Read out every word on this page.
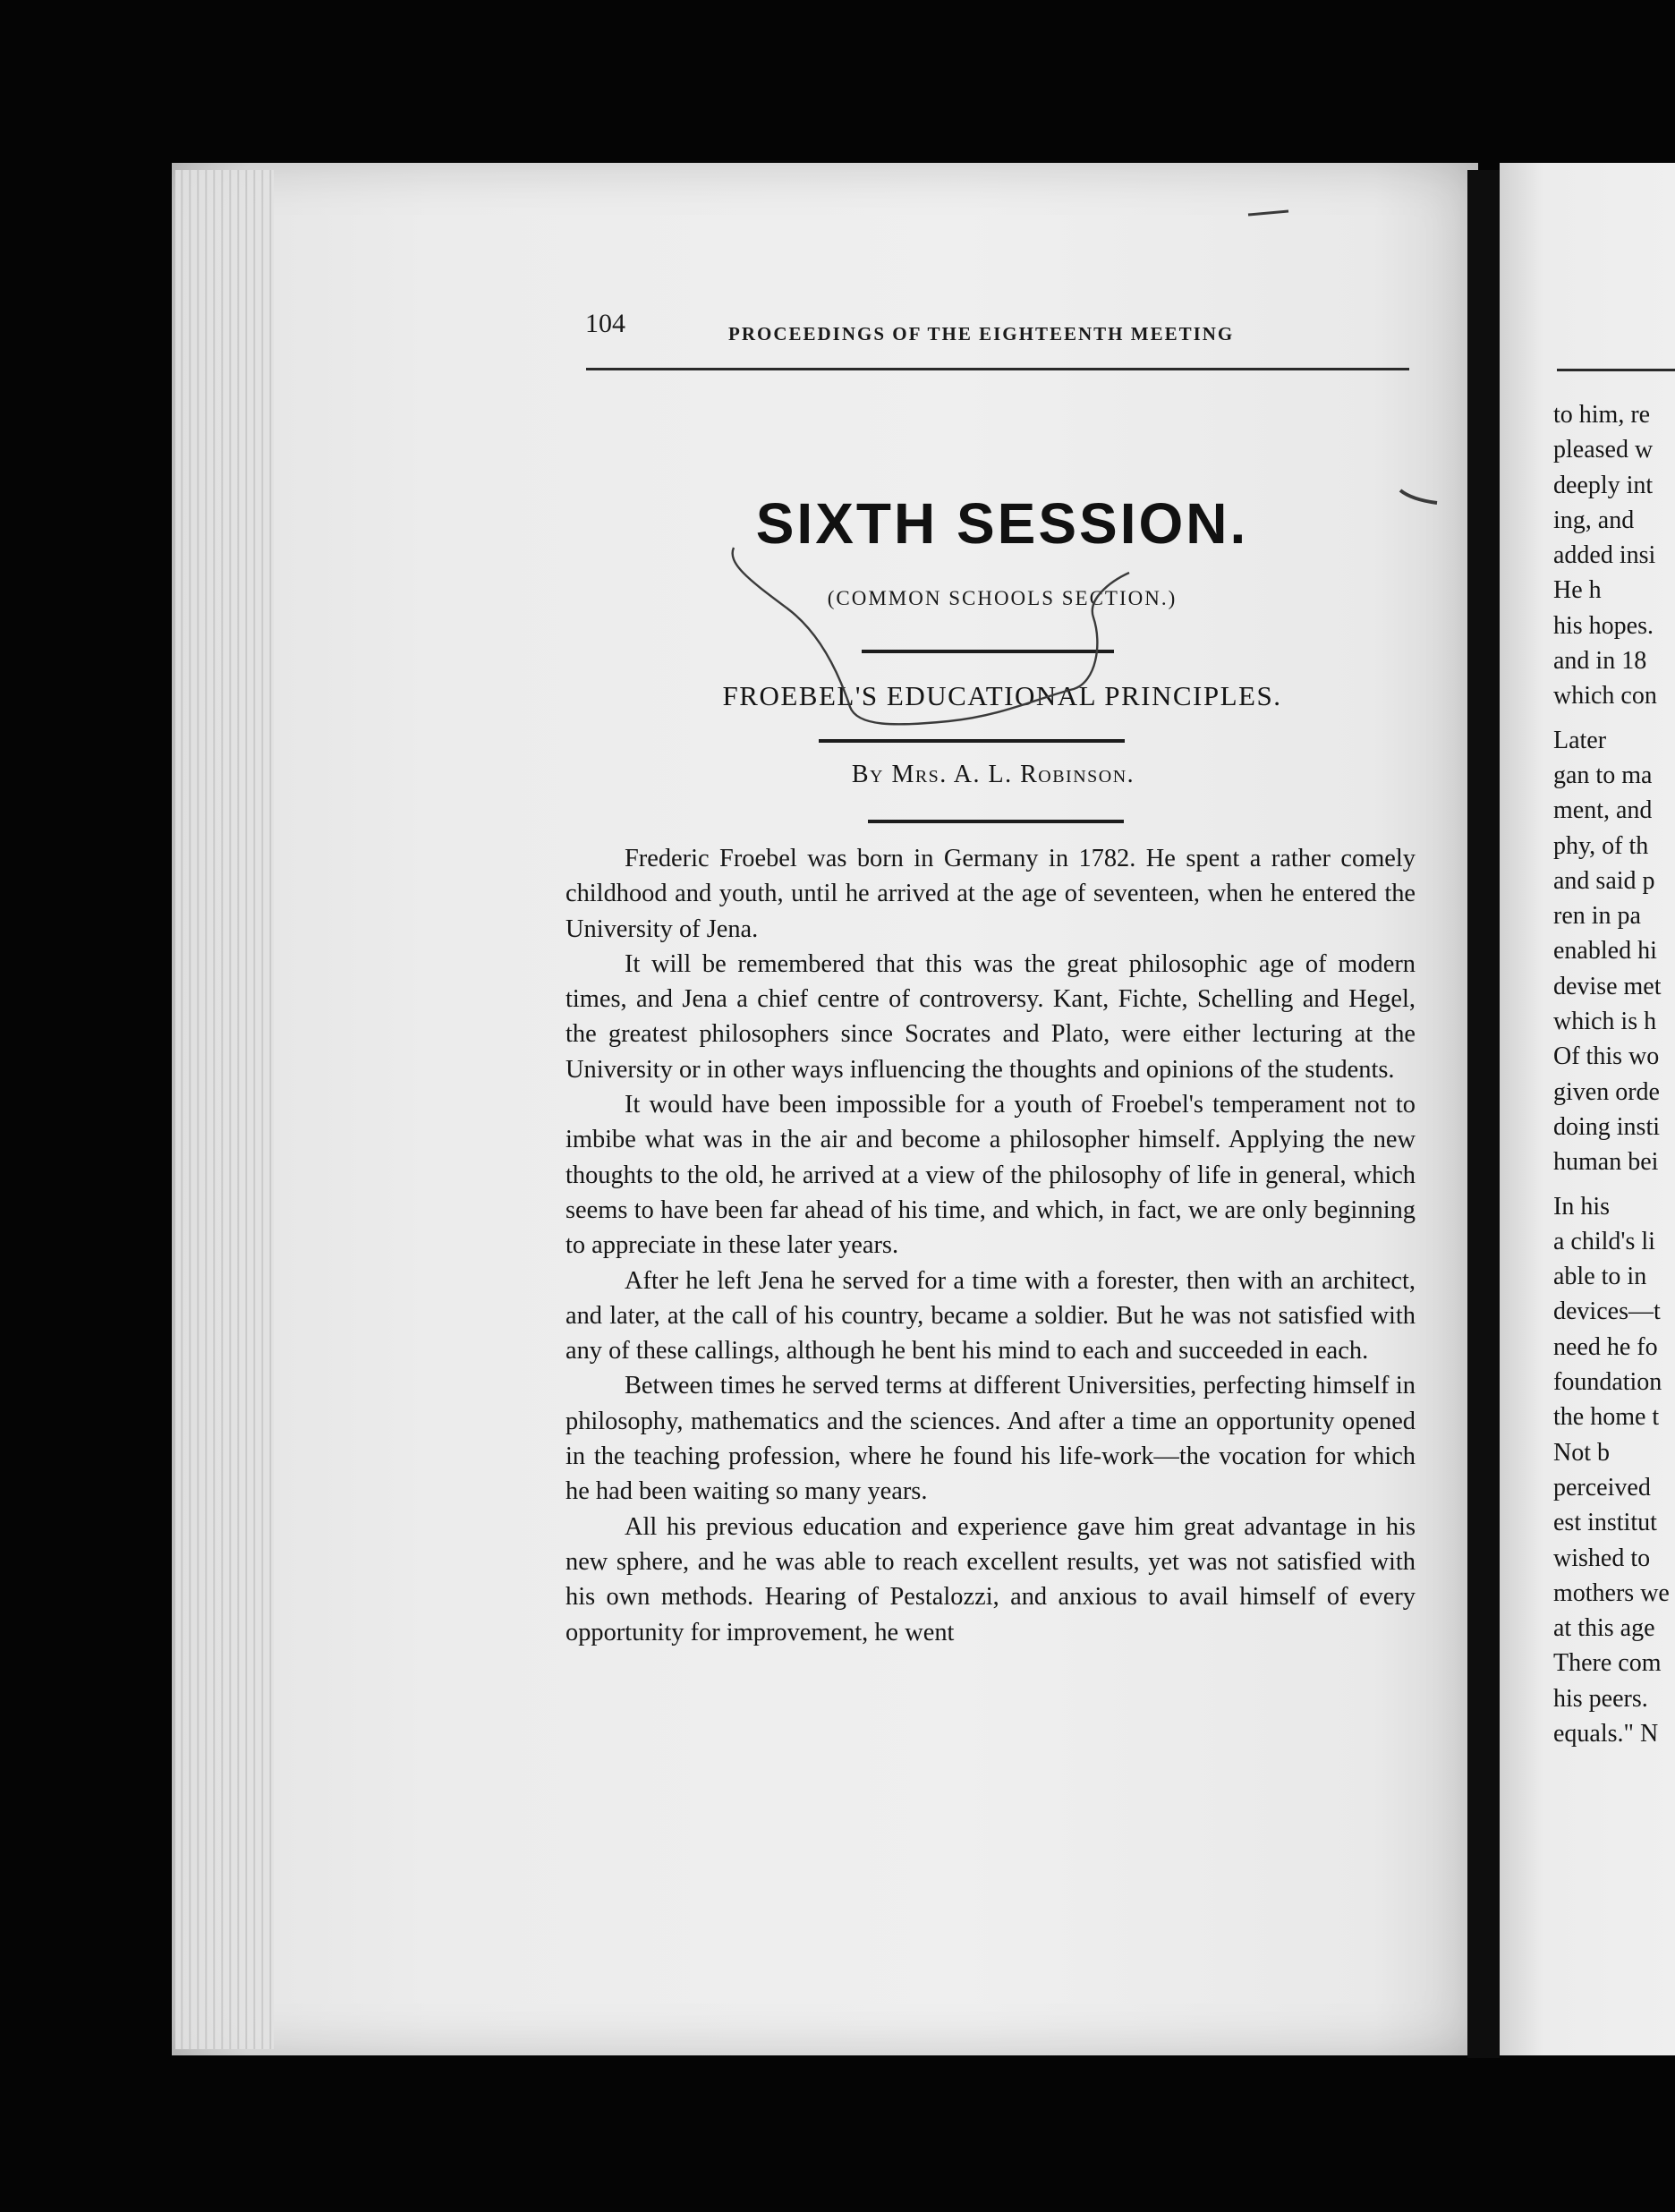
104	PROCEEDINGS OF THE EIGHTEENTH MEETING
SIXTH SESSION.
(COMMON SCHOOLS SECTION.)
FROEBEL'S EDUCATIONAL PRINCIPLES.
By Mrs. A. L. Robinson.

Frederic Froebel was born in Germany in 1782. He spent a rather comely childhood and youth, until he arrived at the age of seventeen, when he entered the University of Jena.

It will be remembered that this was the great philosophic age of modern times, and Jena a chief centre of controversy. Kant, Fichte, Schelling and Hegel, the greatest philosophers since Socrates and Plato, were either lecturing at the University or in other ways influencing the thoughts and opinions of the students.

It would have been impossible for a youth of Froebel's temperament not to imbibe what was in the air and become a philosopher himself. Applying the new thoughts to the old, he arrived at a view of the philosophy of life in general, which seems to have been far ahead of his time, and which, in fact, we are only beginning to appreciate in these later years.

After he left Jena he served for a time with a forester, then with an architect, and later, at the call of his country, became a soldier. But he was not satisfied with any of these callings, although he bent his mind to each and succeeded in each.

Between times he served terms at different Universities, perfecting himself in philosophy, mathematics and the sciences. And after a time an opportunity opened in the teaching profession, where he found his life-work—the vocation for which he had been waiting so many years.

All his previous education and experience gave him great advantage in his new sphere, and he was able to reach excellent results, yet was not satisfied with his own methods. Hearing of Pestalozzi, and anxious to avail himself of every opportunity for improvement, he went

to him, re
pleased w
deeply int
ing, and
added insi
He h
his hopes.
and in 18
which con
Later
gan to ma
ment, and
phy, of th
and said p
ren in pa
enabled hi
devise met
which is h
Of this wo
given orde
doing insti
human bei
In his
a child's li
able to in
devices—t
need he fo
foundation
the home t
Not b
perceived
est institut
wished to
mothers we
at this age
There com
his peers.
equals." N
